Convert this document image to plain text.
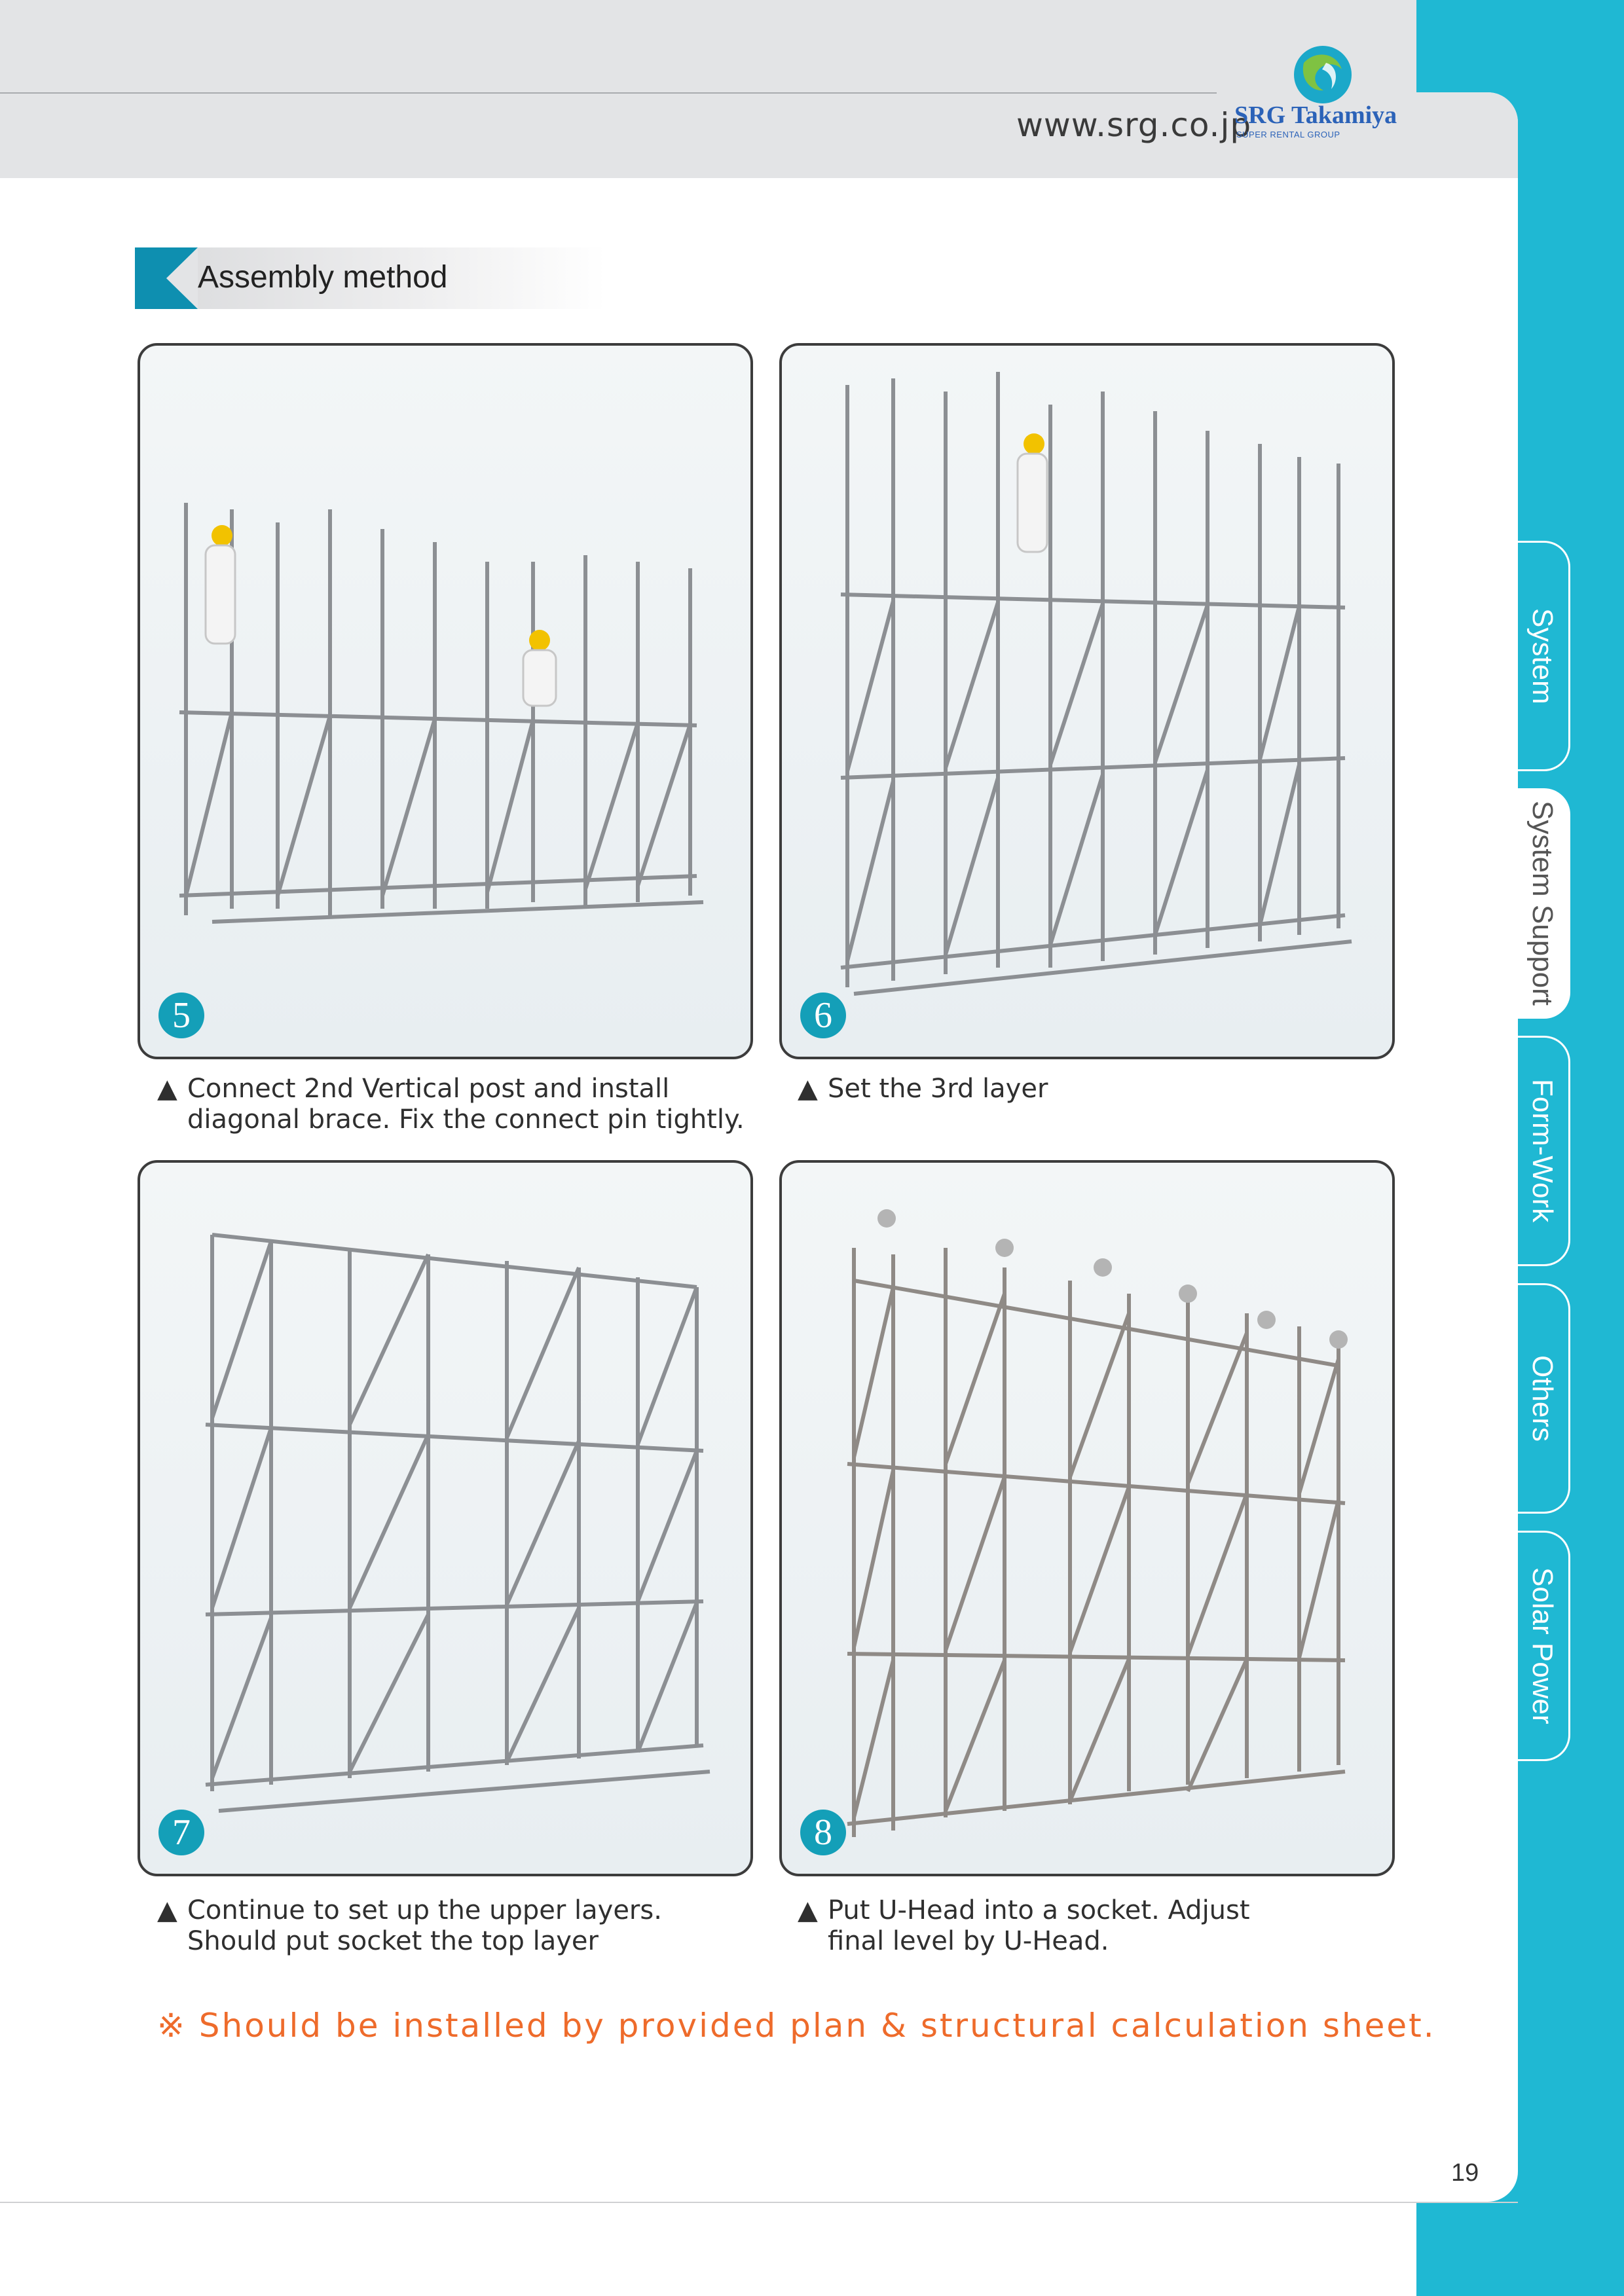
www.srg.co.jp
SRG Takamiya
SUPER RENTAL GROUP
Assembly method
5
▲ Connect 2nd Vertical post and install
diagonal brace. Fix the connect pin tightly.
6
▲ Set the 3rd layer
7
▲ Continue to set up the upper layers.
Should put socket the top layer
8
▲ Put U-Head into a socket. Adjust
final level by U-Head.
※ Should be installed by provided plan & structural calculation sheet.
19
System scaffold(q-h)
System Support
Form-Work
Others
Solar Power
